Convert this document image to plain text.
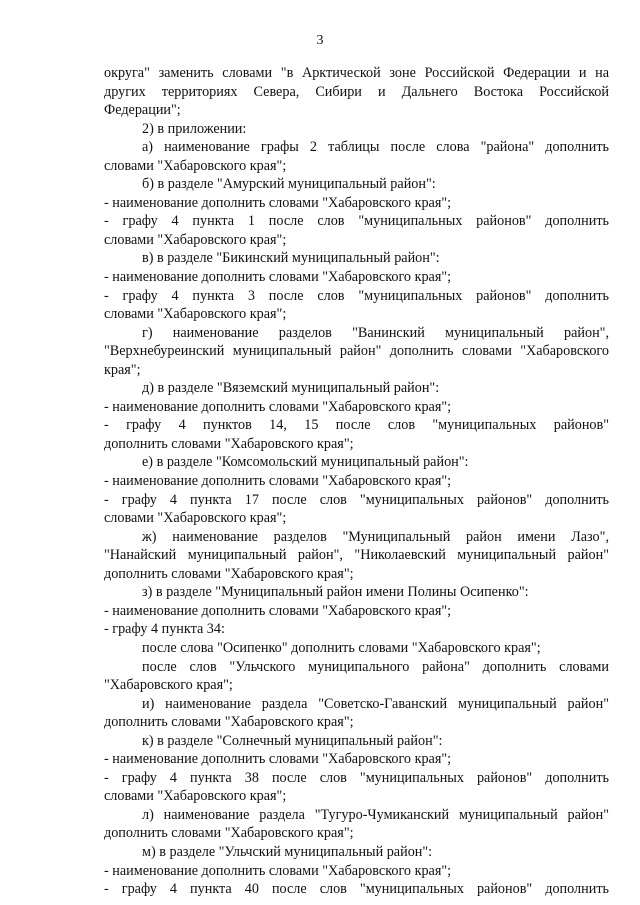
3
округа" заменить словами "в Арктической зоне Российской Федерации и на
других территориях Севера, Сибири и Дальнего Востока Российской
Федерации";
2) в приложении:
а) наименование графы 2 таблицы после слова "района" дополнить
словами "Хабаровского края";
б) в разделе "Амурский муниципальный район":
- наименование дополнить словами "Хабаровского края";
- графу 4 пункта 1 после слов "муниципальных районов" дополнить
словами "Хабаровского края";
в) в разделе "Бикинский муниципальный район":
- наименование дополнить словами "Хабаровского края";
- графу 4 пункта 3 после слов "муниципальных районов" дополнить
словами "Хабаровского края";
г) наименование разделов "Ванинский муниципальный район",
"Верхнебуреинский муниципальный район" дополнить словами "Хабаровского
края";
д) в разделе "Вяземский муниципальный район":
- наименование дополнить словами "Хабаровского края";
- графу 4 пунктов 14, 15 после слов "муниципальных районов"
дополнить словами "Хабаровского края";
е) в разделе "Комсомольский муниципальный район":
- наименование дополнить словами "Хабаровского края";
- графу 4 пункта 17 после слов "муниципальных районов" дополнить
словами "Хабаровского края";
ж) наименование разделов "Муниципальный район имени Лазо",
"Нанайский муниципальный район", "Николаевский муниципальный район"
дополнить словами "Хабаровского края";
з) в разделе "Муниципальный район имени Полины Осипенко":
- наименование дополнить словами "Хабаровского края";
- графу 4 пункта 34:
после слова "Осипенко" дополнить словами "Хабаровского края";
после слов "Ульчского муниципального района" дополнить словами
"Хабаровского края";
и) наименование раздела "Советско-Гаванский муниципальный район"
дополнить словами "Хабаровского края";
к) в разделе "Солнечный муниципальный район":
- наименование дополнить словами "Хабаровского края";
- графу 4 пункта 38 после слов "муниципальных районов" дополнить
словами "Хабаровского края";
л) наименование раздела "Тугуро-Чумиканский муниципальный район"
дополнить словами "Хабаровского края";
м) в разделе "Ульчский муниципальный район":
- наименование дополнить словами "Хабаровского края";
- графу 4 пункта 40 после слов "муниципальных районов" дополнить
